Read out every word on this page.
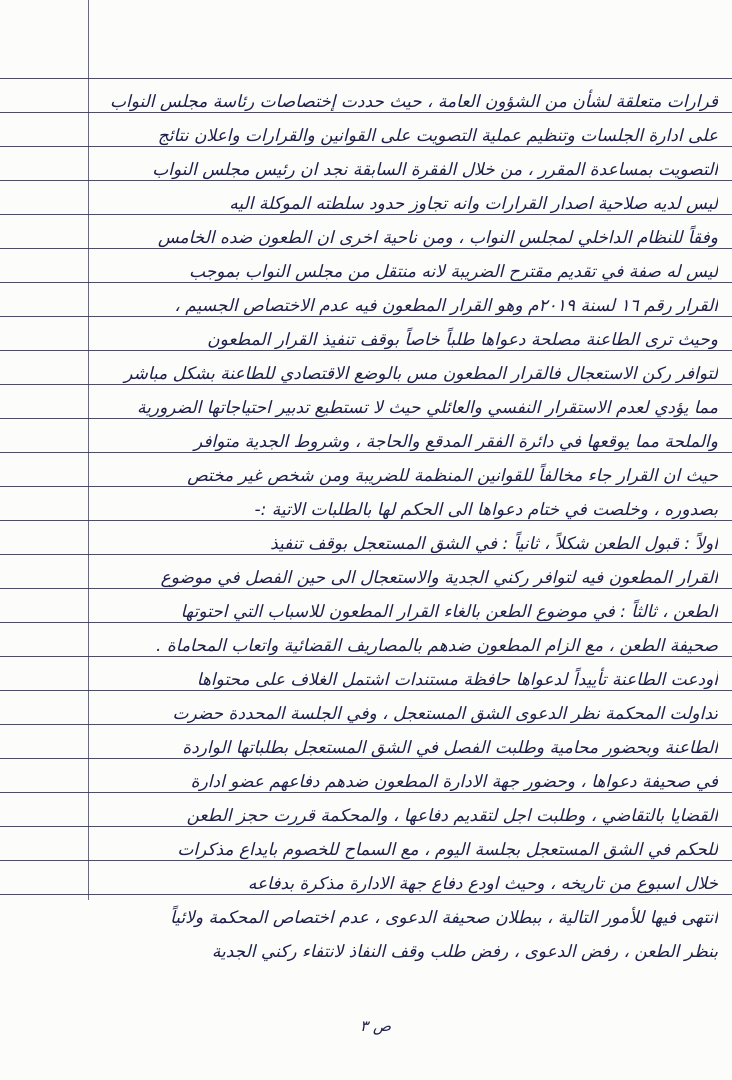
قرارات متعلقة لشأن من الشؤون العامة ، حيث حددت إختصاصات رئاسة مجلس النواب
على ادارة الجلسات وتنظيم عملية التصويت على القوانين والقرارات واعلان نتائج
التصويت بمساعدة المقرر ، من خلال الفقرة السابقة نجد ان رئيس مجلس النواب
ليس لديه صلاحية اصدار القرارات وانه تجاوز حدود سلطته الموكلة اليه
وفقاً للنظام الداخلي لمجلس النواب ، ومن ناحية اخرى ان الطعون ضده الخامس
ليس له صفة في تقديم مقترح الضريبة لانه منتقل من مجلس النواب بموجب
القرار رقم ١٦ لسنة ٢٠١٩م وهو القرار المطعون فيه عدم الاختصاص الجسيم ،
وحيث ترى الطاعنة مصلحة دعواها طلباً خاصاً بوقف تنفيذ القرار المطعون
لتوافر ركن الاستعجال فالقرار المطعون مس بالوضع الاقتصادي للطاعنة بشكل مباشر
مما يؤدي لعدم الاستقرار النفسي والعائلي حيث لا تستطيع تدبير احتياجاتها الضرورية
والملحة مما يوقعها في دائرة الفقر المدقع والحاجة ، وشروط الجدية متوافر
حيث ان القرار جاء مخالفاً للقوانين المنظمة للضريبة ومن شخص غير مختص
بصدوره ، وخلصت في ختام دعواها الى الحكم لها بالطلبات الاتية :-
اولاً : قبول الطعن شكلاً ، ثانياً : في الشق المستعجل بوقف تنفيذ
القرار المطعون فيه لتوافر ركني الجدية والاستعجال الى حين الفصل في موضوع
الطعن ، ثالثاً : في موضوع الطعن بالغاء القرار المطعون للاسباب التي احتوتها
صحيفة الطعن ، مع الزام المطعون ضدهم بالمصاريف القضائية واتعاب المحاماة .
أودعت الطاعنة تأييداً لدعواها حافظة مستندات اشتمل الغلاف على محتواها
تداولت المحكمة نظر الدعوى الشق المستعجل ، وفي الجلسة المحددة حضرت
الطاعنة وبحضور محامية وطلبت الفصل في الشق المستعجل بطلباتها الواردة
في صحيفة دعواها ، وحضور جهة الادارة المطعون ضدهم دفاعهم عضو ادارة
القضايا بالتقاضي ، وطلبت اجل لتقديم دفاعها ، والمحكمة قررت حجز الطعن
للحكم في الشق المستعجل بجلسة اليوم ، مع السماح للخصوم بايداع مذكرات
خلال اسبوع من تاريخه ، وحيث اودع دفاع جهة الادارة مذكرة بدفاعه
انتهى فيها للأمور التالية ، ببطلان صحيفة الدعوى ، عدم اختصاص المحكمة ولائياً
بنظر الطعن ، رفض الدعوى ، رفض طلب وقف النفاذ لانتفاء ركني الجدية
ص ٣
